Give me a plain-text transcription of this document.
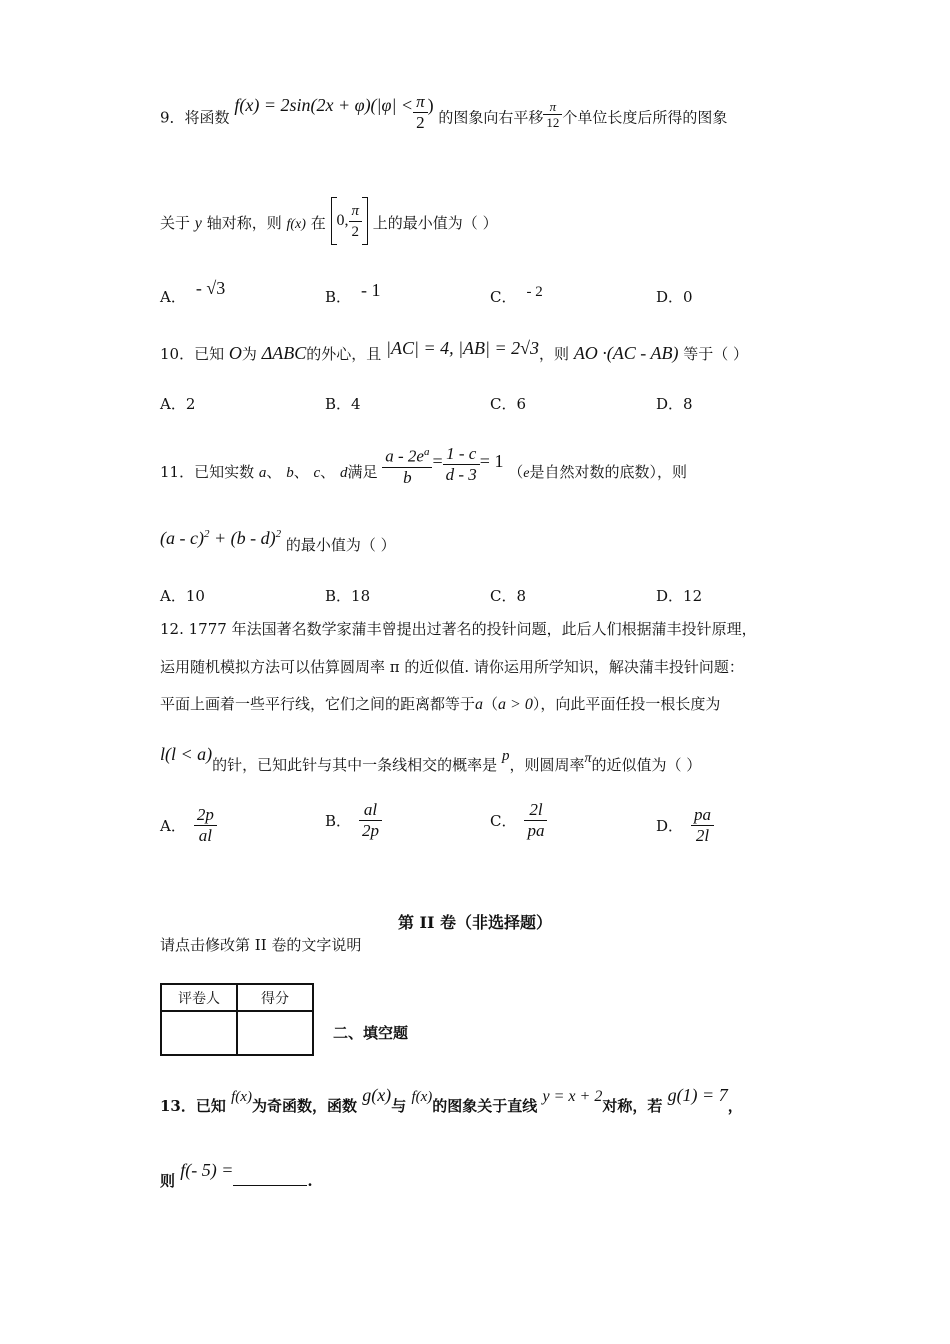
9．将函数 $f(x) = 2\sin(2x + \varphi)(|\varphi| < \frac{\pi}{2}$ ) 的图象向右平移 $\frac{\pi}{12}$ 个单位长度后所得的图象
关于 y 轴对称，则 f(x) 在 0, $\frac{\pi}{2}$ 上的最小值为（ ）
A． - √3	B． - 1	C． - 2	D．0
10．已知 O为 ΔABC的外心，且 |AC| = 4, |AB| = 2√3，则 AO ·(AC - AB) 等于（ ）
A．2	B．4	C．6	D．8
11．已知实数 a、 b、 c、 d满足 $\frac{a - 2e^a}{b} = \frac{1 - c}{d - 3} = 1$ （e是自然对数的底数），则
(a - c)$^2$ + (b - d)$^2$ 的最小值为（ ）
A．10	B．18	C．8	D．12
12. 1777 年法国著名数学家蒲丰曾提出过著名的投针问题，此后人们根据蒲丰投针原理，
运用随机模拟方法可以估算圆周率 π 的近似值. 请你运用所学知识，解决蒲丰投针问题：
平面上画着一些平行线，它们之间的距离都等于a（a > 0），向此平面任投一根长度为
l(l < a)的针，已知此针与其中一条线相交的概率是 p，则圆周率π的近似值为（ ）
A． $\frac{2p}{al}$	B． $\frac{al}{2p}$	C． $\frac{2l}{pa}$	D． $\frac{pa}{2l}$
第 II 卷（非选择题）
请点击修改第 II 卷的文字说明
评卷人	得分

二、填空题
13．已知 f(x)为奇函数，函数 g(x)与 f(x)的图象关于直线 y = x + 2对称，若 g(1) = 7，
则 f(- 5) =.
